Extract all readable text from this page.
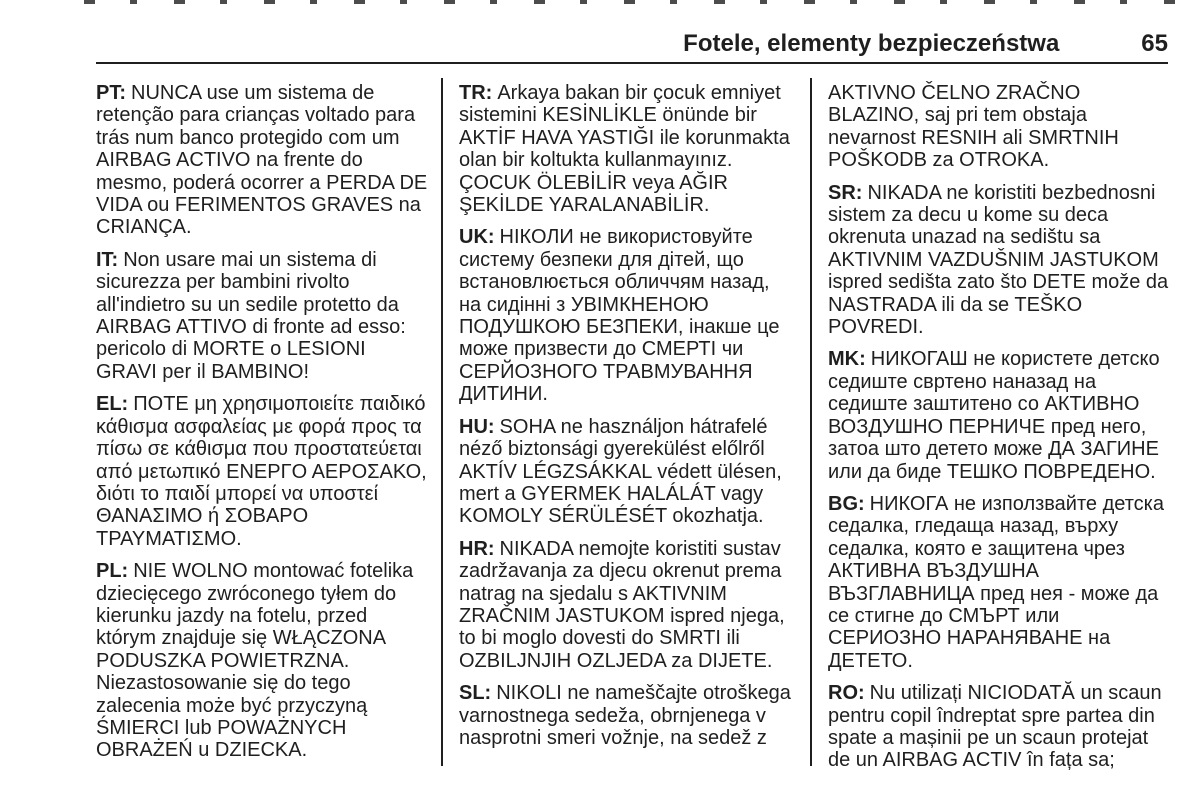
Fotele, elementy bezpieczeństwa	65

PT: NUNCA use um sistema de retenção para crianças voltado para trás num banco protegido com um AIRBAG ACTIVO na frente do mesmo, poderá ocorrer a PERDA DE VIDA ou FERIMENTOS GRAVES na CRIANÇA.

IT: Non usare mai un sistema di sicurezza per bambini rivolto all'indietro su un sedile protetto da AIRBAG ATTIVO di fronte ad esso: pericolo di MORTE o LESIONI GRAVI per il BAMBINO!

EL: ΠΟΤΕ μη χρησιμοποιείτε παιδικό κάθισμα ασφαλείας με φορά προς τα πίσω σε κάθισμα που προστατεύεται από μετωπικό ΕΝΕΡΓΟ ΑΕΡΟΣΑΚΟ, διότι το παιδί μπορεί να υποστεί ΘΑΝΑΣΙΜΟ ή ΣΟΒΑΡΟ ΤΡΑΥΜΑΤΙΣΜΟ.

PL: NIE WOLNO montować fotelika dziecięcego zwróconego tyłem do kierunku jazdy na fotelu, przed którym znajduje się WŁĄCZONA PODUSZKA POWIETRZNA. Niezastosowanie się do tego zalecenia może być przyczyną ŚMIERCI lub POWAŻNYCH OBRAŻEŃ u DZIECKA.

TR: Arkaya bakan bir çocuk emniyet sistemini KESİNLİKLE önünde bir AKTİF HAVA YASTIĞI ile korunmakta olan bir koltukta kullanmayınız. ÇOCUK ÖLEBİLİR veya AĞIR ŞEKİLDE YARALANABİLİR.

UK: НІКОЛИ не використовуйте систему безпеки для дітей, що встановлюється обличчям назад, на сидінні з УВІМКНЕНОЮ ПОДУШКОЮ БЕЗПЕКИ, інакше це може призвести до СМЕРТІ чи СЕРЙОЗНОГО ТРАВМУВАННЯ ДИТИНИ.

HU: SOHA ne használjon hátrafelé néző biztonsági gyerekülést előlről AKTÍV LÉGZSÁKKAL védett ülésen, mert a GYERMEK HALÁLÁT vagy KOMOLY SÉRÜLÉSÉT okozhatja.

HR: NIKADA nemojte koristiti sustav zadržavanja za djecu okrenut prema natrag na sjedalu s AKTIVNIM ZRAČNIM JASTUKOM ispred njega, to bi moglo dovesti do SMRTI ili OZBILJNJIH OZLJEDA za DIJETE.

SL: NIKOLI ne nameščajte otroškega varnostnega sedeža, obrnjenega v nasprotni smeri vožnje, na sedež z

AKTIVNO ČELNO ZRAČNO BLAZINO, saj pri tem obstaja nevarnost RESNIH ali SMRTNIH POŠKODB za OTROKA.

SR: NIKADA ne koristiti bezbednosni sistem za decu u kome su deca okrenuta unazad na sedištu sa AKTIVNIM VAZDUŠNIM JASTUKOM ispred sedišta zato što DETE može da NASTRADA ili da se TEŠKO POVREDI.

MK: НИКОГАШ не користете детско седиште свртено наназад на седиште заштитено со АКТИВНО ВОЗДУШНО ПЕРНИЧЕ пред него, затоа што детето може ДА ЗАГИНЕ или да биде ТЕШКО ПОВРЕДЕНО.

BG: НИКОГА не използвайте детска седалка, гледаща назад, върху седалка, която е защитена чрез АКТИВНА ВЪЗДУШНА ВЪЗГЛАВНИЦА пред нея - може да се стигне до СМЪРТ или СЕРИОЗНО НАРАНЯВАНЕ на ДЕТЕТО.

RO: Nu utilizați NICIODATĂ un scaun pentru copil îndreptat spre partea din spate a mașinii pe un scaun protejat de un AIRBAG ACTIV în fața sa;
